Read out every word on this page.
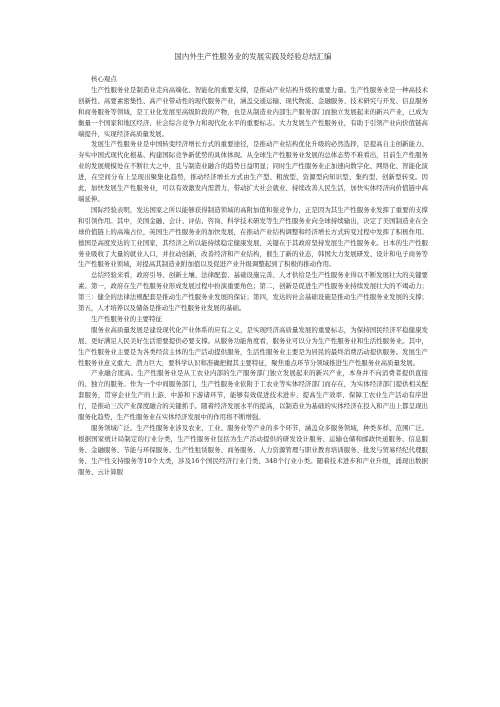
国内外生产性服务业的发展实践及经验总结汇编

核心观点

生产性服务业是制造业走向高端化、智能化的重要支撑，是推动产业结构升级的重要力量。生产性服务业是一种高技术创新性、高要素密集性、高产业带动性的现代服务产业，涵盖交通运输、现代物流、金融服务、技术研究与开发、信息服务和商务服务等领域，是工业化发展至高级阶段的产物，也是从制造业内部生产服务部门而独立发展起来的新兴产业，已成为衡量一个国家和地区经济、社会综合竞争力和现代化水平的重要标志。大力发展生产性服务业，有助于引领产业向价值链高端提升，实现经济高质量发展。

发展生产性服务业是中国转变经济增长方式的重要途径，是推动产业结构优化升级的必然选择，是提高自主创新能力、夯实中国式现代化根基、构建国际竞争新优势的具体体现。从全球生产性服务业发展的总体态势不难看出，目前生产性服务业的发展规模处在不断壮大之中，且与制造业融合的趋势日益明显；同时生产性服务业正加速向数字化、网络化、智能化演进，在空间分布上呈现出聚集化趋势，推动经济增长方式由生产型、粗放型、资源型向知识型、集约型、创新型转变。因此，加快发展生产性服务业，可以有效激发内需潜力、带动扩大社会就业、持续改善人民生活，加快实体经济向价值链中高端延伸。

国际经验表明，发达国家之所以能够获得制造领域的高附加值和强竞争力，正是因为其生产性服务业发挥了重要的支撑和引领作用。其中，美国金融、会计、评估、咨询、科学技术研发等生产性服务业向全球持续输出，决定了美国制造业在全球价值链上的高端占位，英国生产性服务业的加快发展，在推动产业结构调整和经济增长方式转变过程中发挥了积极作用。德国是高度发达的工业国家，其经济之所以能持续稳定健康发展，关键在于其政府坚持发展生产性服务业。日本的生产性服务业吸收了大量的就业人口，并拉动创新，改善经济和产业结构，催生了新的业态，韩国大力发展研发、设计和电子商务等生产性服务业领域，对提高其制造业附加值以及促进产业升级调整起到了积极的推动作用。

总结经验来看，政府引导、创新土壤、法律配套、基础设施完善、人才供给是生产性服务业得以不断发展壮大的关键要素。第一，政府在生产性服务业形成发展过程中扮演重要角色；第二，创新是促进生产性服务业持续发展壮大的不竭动力；第三：健全的法律法规配套是推动生产性服务业发展的保证；第四，发达的社会基础设施是推动生产性服务业发展的支撑；第五，人才培养以及储备是推动生产性服务业发展的基础。

生产性服务业的主要特征

服务业高质量发展是建设现代化产业体系的应有之义，是实现经济高质量发展的重要标志，为保持国民经济平稳健康发展、更好满足人民美好生活需要提供必要支撑。从服务功能角度看，服务业可以分为生产性服务业和生活性服务业。其中，生产性服务业主要是为各类经营主体的生产活动提供服务，生活性服务业主要是为居民的最终消费活动提供服务。发展生产性服务业意义重大、潜力巨大，要科学认识和准确把握其主要特征，聚焦重点环节分领域推进生产性服务业高质量发展。

产业融合度高。生产性服务业是从工农业内部的生产服务部门独立发展起来的新兴产业，本身并不向消费者提供直接的、独立的服务。作为一个中间服务部门，生产性服务业依附于工农业等实体经济部门而存在，为实体经济部门提供相关配套服务，贯穿企业生产的上游、中游和下游诸环节，能够有效促进技术进步、提高生产效率、保障工农业生产活动有序进行，是推动三次产业深度融合的关键抓手。随着经济发展水平的提高，以制造业为基础的实体经济在投入和产出上都呈现出服务化趋势，生产性服务业在实体经济发展中的作用将不断增强。

服务领域广泛。生产性服务业涉及农业、工业、服务业等产业的多个环节，涵盖众多服务领域，种类多样、范围广泛。根据国家统计局制定的行业分类，生产性服务业包括为生产活动提供的研发设计服务、运输仓储和邮政快递服务、信息服务、金融服务、节能与环保服务、生产性租赁服务、商务服务、人力资源管理与职业教育培训服务、批发与贸易经纪代理服务、生产性支持服务等10个大类，涉及16个国民经济行业门类、348个行业小类。随着技术进步和产业升级，涌现出数据服务、云计算服
